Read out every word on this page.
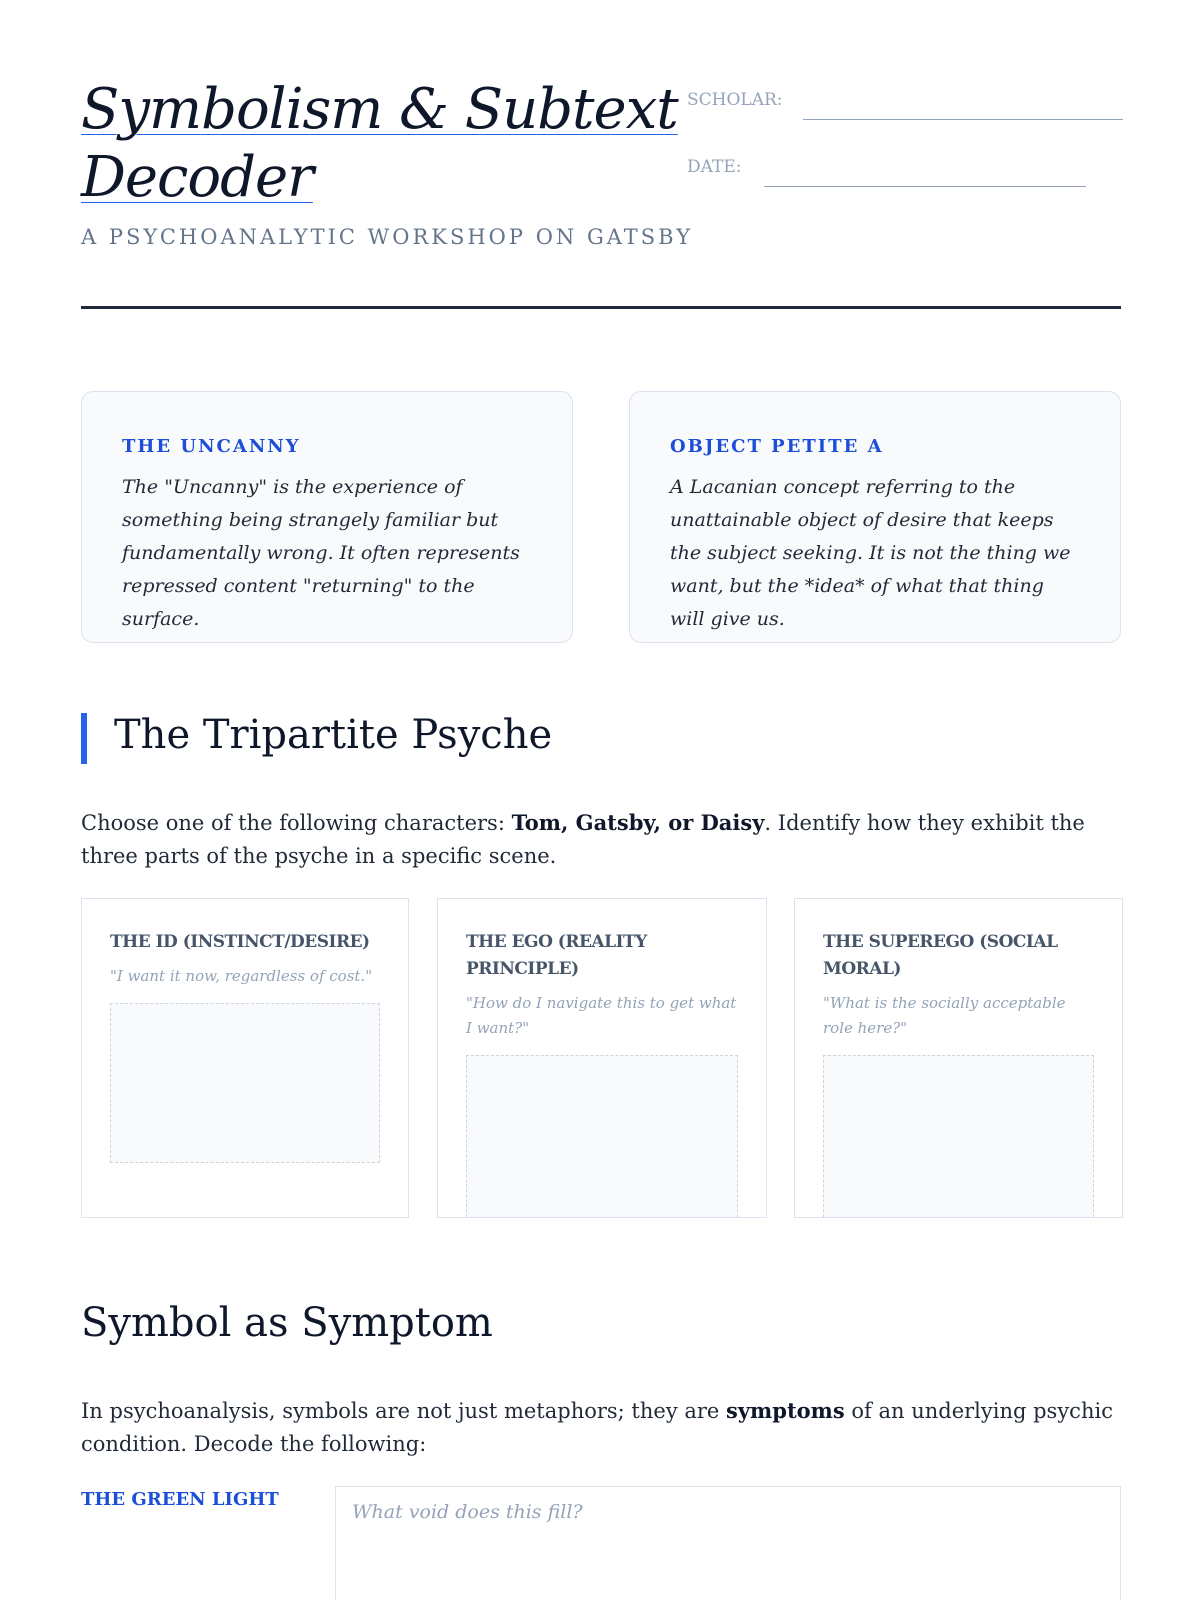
Symbolism & Subtext Decoder
A PSYCHOANALYTIC WORKSHOP ON GATSBY
SCHOLAR:
DATE:
THE UNCANNY
The "Uncanny" is the experience of something being strangely familiar but fundamentally wrong. It often represents repressed content "returning" to the surface.
OBJECT PETITE A
A Lacanian concept referring to the unattainable object of desire that keeps the subject seeking. It is not the thing we want, but the *idea* of what that thing will give us.
The Tripartite Psyche
Choose one of the following characters: Tom, Gatsby, or Daisy. Identify how they exhibit the three parts of the psyche in a specific scene.
THE ID (INSTINCT/DESIRE)
"I want it now, regardless of cost."
THE EGO (REALITY PRINCIPLE)
"How do I navigate this to get what I want?"
THE SUPEREGO (SOCIAL MORAL)
"What is the socially acceptable role here?"
Symbol as Symptom
In psychoanalysis, symbols are not just metaphors; they are symptoms of an underlying psychic condition. Decode the following:
THE GREEN LIGHT
What void does this fill?
